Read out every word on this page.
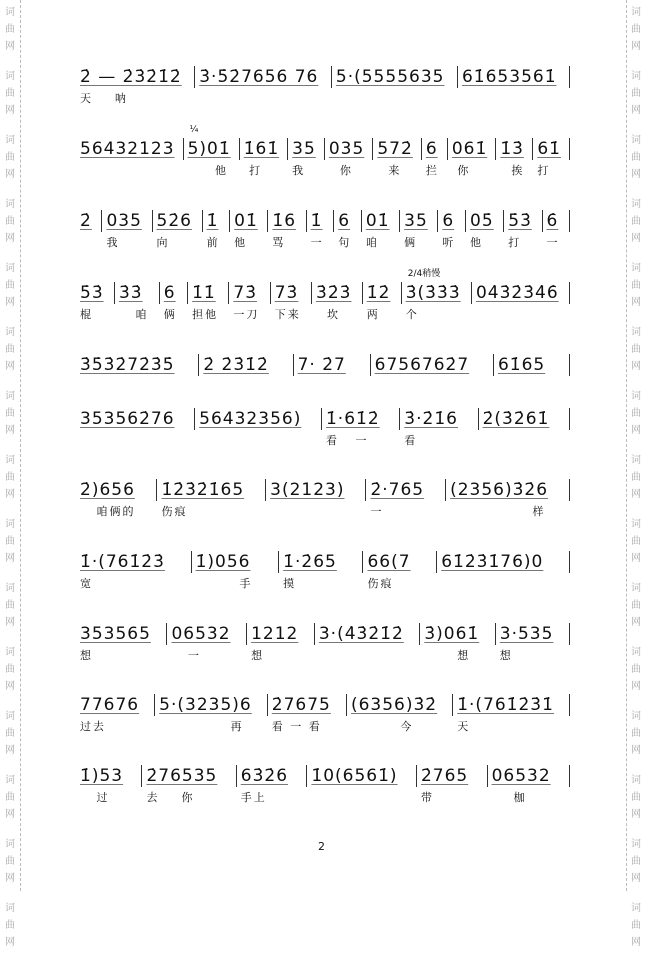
词
曲
网
词
曲
网
词
曲
网
词
曲
网
词
曲
网
词
曲
网
词
曲
网
词
曲
网
词
曲
网
词
曲
网
词
曲
网
词
曲
网
词
曲
网
词
曲
网
词
曲
网
词
曲
网
词
曲
网
词
曲
网
词
曲
网
词
曲
网
词
曲
网
词
曲
网
词
曲
网
词
曲
网
词
曲
网
词
曲
网
词
曲
网
词
曲
网
词
曲
网
词
曲
网
2̇ — 2̇3̇2̇1̇2̇
天    呐
3̇·5̇2̇7656 76	5·(5555635	61̇653561̇
56432123 5)01̇
他
¼
1̇61̇
打
35
我
035
你
572̇
来
6
拦
061̇
你
1̇3̇
挨
61̇
打
2̇ 035
我
52̇6
向
1̇
前
01̇
他
1̇6
骂
1̇
一
6
句
01̇
咱
35
俩
6
听
05̇
他
5̇3̇
打
6̇
一
5̇3̇
棍
3̇3̇
咱
6
俩
1̇1̇
担他
73̇
一刀
73̇
下来
3̇2̇3̇
坎
1̇2̇
两
3̇(3̇3̇3̇
个
2/4稍慢
04̇3̇2̇3̇4̇6̇
3̇5̇3̇2̇72̇3̇5̇	2̇ 2̇3̇1̇2̇	7· 2̇7	6756762̇7	61̇65
353562̇76	56432356)	1̇·61̇2̇
看   一
3̇·2̇1̇6
看
2̇(3̇2̇61̇
2̇)656
咱俩的
1̇2̇3̇2̇1̇65
伤痕
3(2123)	2̇·765
一
(2356)3̇2̇6
样
1̇·(761̇2̇3̇
宽
1̇)056
手
1̇·2̇65
摸
66(7
伤痕
61̇2̇3̇1̇76)0
353565
想
06532
一
1212
想
3·(4̇3̇2̇1̇2̇	3̇)061̇
想
3·535
想
77676
过去
5·(3235)6
再
2̇7675
看 一 看
(6356)3̇2̇
今
1̇·(761̇2̇3̇1̇
天
1̇)53
过
2̇76535
去    你
63̇2̇6
手上
1̇0(6561̇)	2̇765
带
06532
枷
2
